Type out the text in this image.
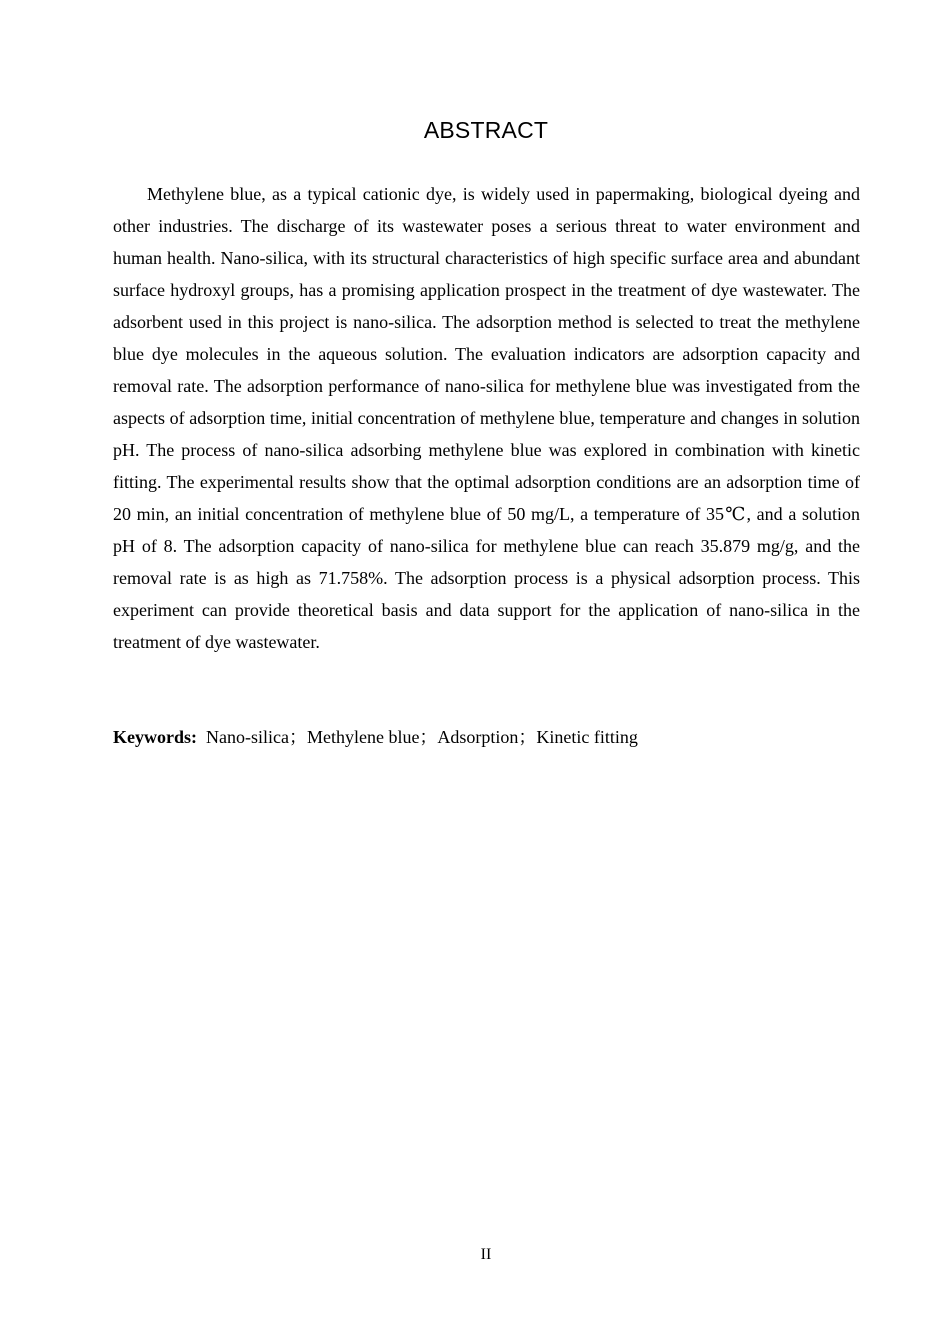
ABSTRACT

Methylene blue, as a typical cationic dye, is widely used in papermaking, biological dyeing and other industries. The discharge of its wastewater poses a serious threat to water environment and human health. Nano-silica, with its structural characteristics of high specific surface area and abundant surface hydroxyl groups, has a promising application prospect in the treatment of dye wastewater. The adsorbent used in this project is nano-silica. The adsorption method is selected to treat the methylene blue dye molecules in the aqueous solution. The evaluation indicators are adsorption capacity and removal rate. The adsorption performance of nano-silica for methylene blue was investigated from the aspects of adsorption time, initial concentration of methylene blue, temperature and changes in solution pH. The process of nano-silica adsorbing methylene blue was explored in combination with kinetic fitting. The experimental results show that the optimal adsorption conditions are an adsorption time of 20 min, an initial concentration of methylene blue of 50 mg/L, a temperature of 35℃, and a solution pH of 8. The adsorption capacity of nano-silica for methylene blue can reach 35.879 mg/g, and the removal rate is as high as 71.758%. The adsorption process is a physical adsorption process. This experiment can provide theoretical basis and data support for the application of nano-silica in the treatment of dye wastewater.

Keywords: Nano-silica；Methylene blue；Adsorption；Kinetic fitting

II
